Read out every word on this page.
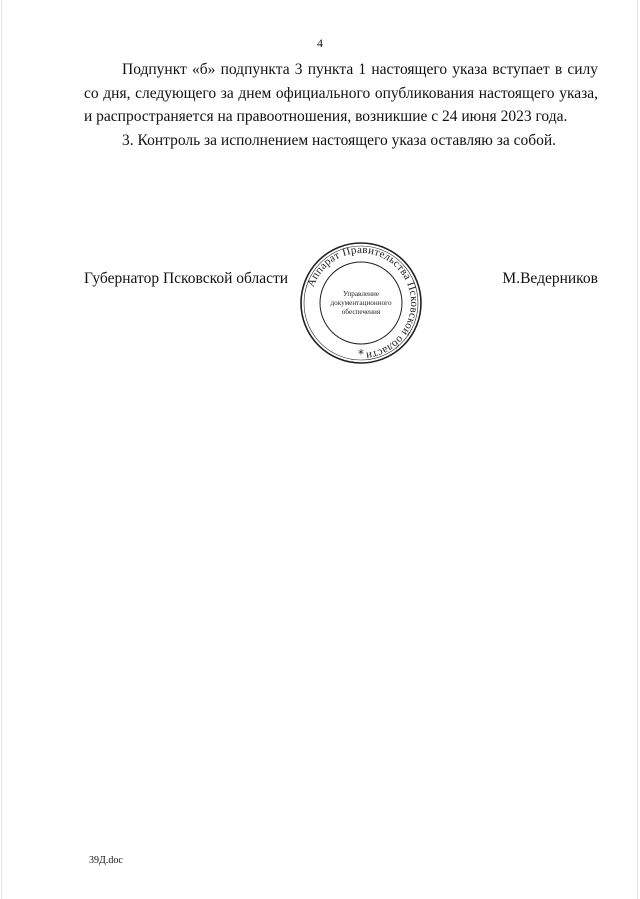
4

Подпункт «б» подпункта 3 пункта 1 настоящего указа вступает в силу со дня, следующего за днем официального опубликования настоящего указа, и распространяется на правоотношения, возникшие с 24 июня 2023 года.

3. Контроль за исполнением настоящего указа оставляю за собой.

Губернатор Псковской области	М.Ведерников
Аппарат Правительства Псковской области
Управление
документационного
обеспечения
*
39Д.doc
